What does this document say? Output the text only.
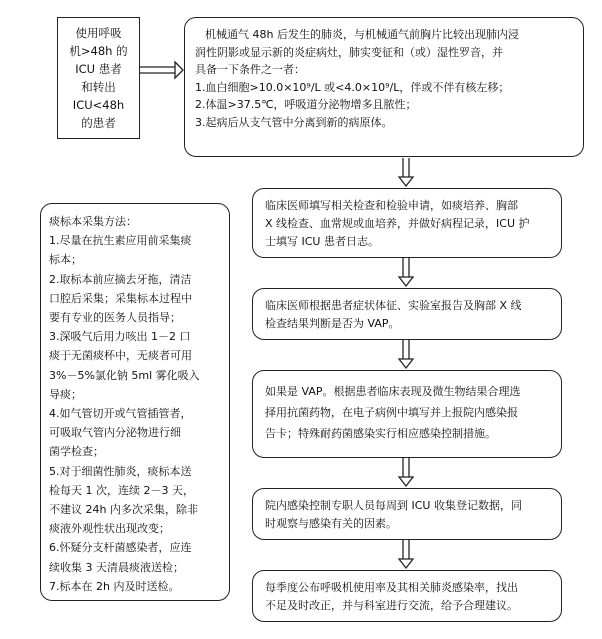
使用呼吸
机>48h 的
ICU 患者
和转出
ICU<48h
的患者
机械通气 48h 后发生的肺炎，与机械通气前胸片比较出现肺内浸
润性阴影或显示新的炎症病灶，肺实变征和（或）湿性罗音，并
具备一下条件之一者：
1.血白细胞>10.0×10⁹/L 或<4.0×10⁹/L，伴或不伴有核左移；
2.体温>37.5℃，呼吸道分泌物增多且脓性；
3.起病后从支气管中分离到新的病原体。
临床医师填写相关检查和检验申请，如痰培养、胸部
X 线检查、血常规或血培养，并做好病程记录，ICU 护
士填写 ICU 患者日志。
临床医师根据患者症状体征、实验室报告及胸部 X 线
检查结果判断是否为 VAP。
如果是 VAP。根据患者临床表现及微生物结果合理选
择用抗菌药物，在电子病例中填写并上报院内感染报
告卡；特殊耐药菌感染实行相应感染控制措施。
院内感染控制专职人员每周到 ICU 收集登记数据，同
时观察与感染有关的因素。
每季度公布呼吸机使用率及其相关肺炎感染率，找出
不足及时改正，并与科室进行交流，给予合理建议。
痰标本采集方法：
1.尽量在抗生素应用前采集痰
标本；
2.取标本前应摘去牙拖，清洁
口腔后采集；采集标本过程中
要有专业的医务人员指导；
3.深吸气后用力咳出 1－2 口
痰于无菌痰杯中，无痰者可用
3%－5%氯化钠 5ml 雾化吸入
导痰；
4.如气管切开或气管插管者，
可吸取气管内分泌物进行细
菌学检查；
5.对于细菌性肺炎，痰标本送
检每天 1 次，连续 2－3 天，
不建议 24h 内多次采集，除非
痰液外观性状出现改变；
6.怀疑分支杆菌感染者，应连
续收集 3 天清晨痰液送检；
7.标本在 2h 内及时送检。
